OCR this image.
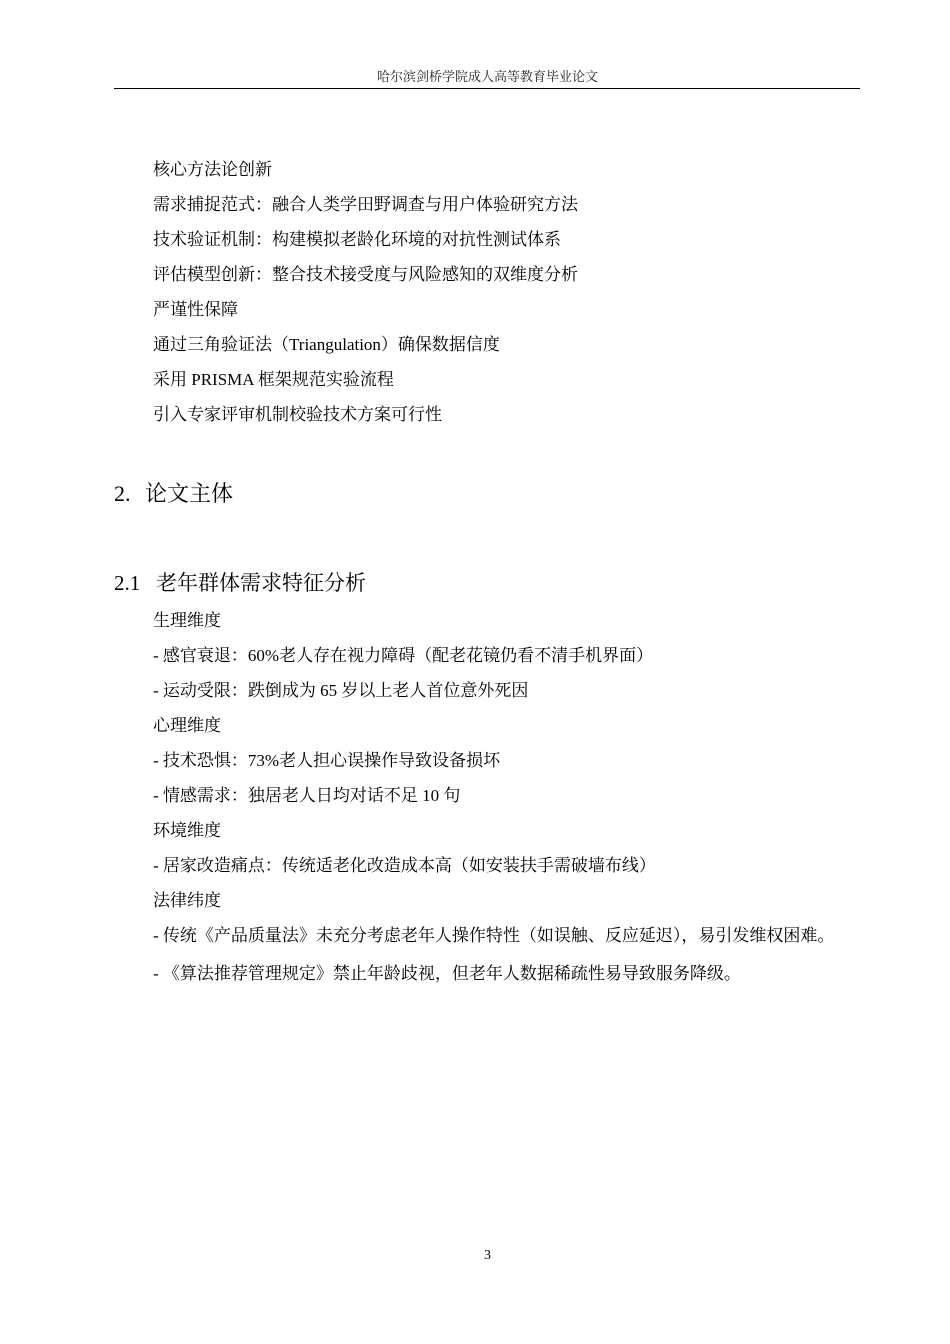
哈尔滨剑桥学院成人高等教育毕业论文
核心方法论创新
需求捕捉范式：融合人类学田野调查与用户体验研究方法
技术验证机制：构建模拟老龄化环境的对抗性测试体系
评估模型创新：整合技术接受度与风险感知的双维度分析
严谨性保障
通过三角验证法（Triangulation）确保数据信度
采用 PRISMA 框架规范实验流程
引入专家评审机制校验技术方案可行性
2. 论文主体
2.1 老年群体需求特征分析
生理维度
- 感官衰退：60%老人存在视力障碍（配老花镜仍看不清手机界面）
- 运动受限：跌倒成为 65 岁以上老人首位意外死因
心理维度
- 技术恐惧：73%老人担心误操作导致设备损坏
- 情感需求：独居老人日均对话不足 10 句
环境维度
- 居家改造痛点：传统适老化改造成本高（如安装扶手需破墙布线）
法律纬度
- 传统《产品质量法》未充分考虑老年人操作特性（如误触、反应延迟），易引发维权困难。
- 《算法推荐管理规定》禁止年龄歧视，但老年人数据稀疏性易导致服务降级。
3
